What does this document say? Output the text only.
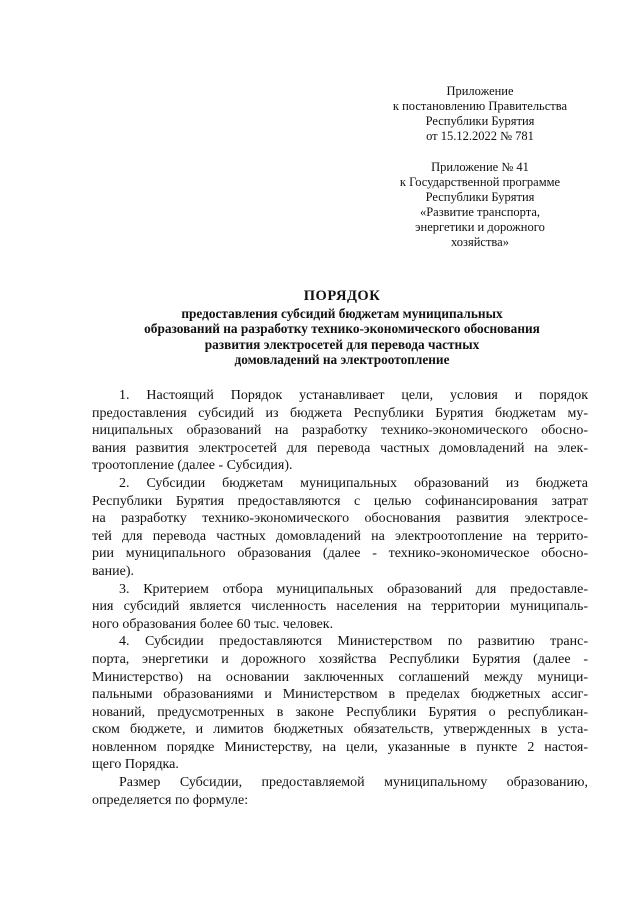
Приложение
к постановлению Правительства
Республики Бурятия
от 15.12.2022 № 781
Приложение № 41
к Государственной программе
Республики Бурятия
«Развитие транспорта,
энергетики и дорожного
хозяйства»
ПОРЯДОК
предоставления субсидий бюджетам муниципальных
образований на разработку технико-экономического обоснования
развития электросетей для перевода частных
домовладений на электроотопление
1. Настоящий Порядок устанавливает цели, условия и порядок
предоставления субсидий из бюджета Республики Бурятия бюджетам му-
ниципальных образований на разработку технико-экономического обосно-
вания развития электросетей для перевода частных домовладений на элек-
троотопление (далее - Субсидия).
2. Субсидии бюджетам муниципальных образований из бюджета
Республики Бурятия предоставляются с целью софинансирования затрат
на разработку технико-экономического обоснования развития электросе-
тей для перевода частных домовладений на электроотопление на террито-
рии муниципального образования (далее - технико-экономическое обосно-
вание).
3. Критерием отбора муниципальных образований для предоставле-
ния субсидий является численность населения на территории муниципаль-
ного образования более 60 тыс. человек.
4. Субсидии предоставляются Министерством по развитию транс-
порта, энергетики и дорожного хозяйства Республики Бурятия (далее -
Министерство) на основании заключенных соглашений между муници-
пальными образованиями и Министерством в пределах бюджетных ассиг-
нований, предусмотренных в законе Республики Бурятия о республикан-
ском бюджете, и лимитов бюджетных обязательств, утвержденных в уста-
новленном порядке Министерству, на цели, указанные в пункте 2 настоя-
щего Порядка.
Размер Субсидии, предоставляемой муниципальному образованию,
определяется по формуле:
